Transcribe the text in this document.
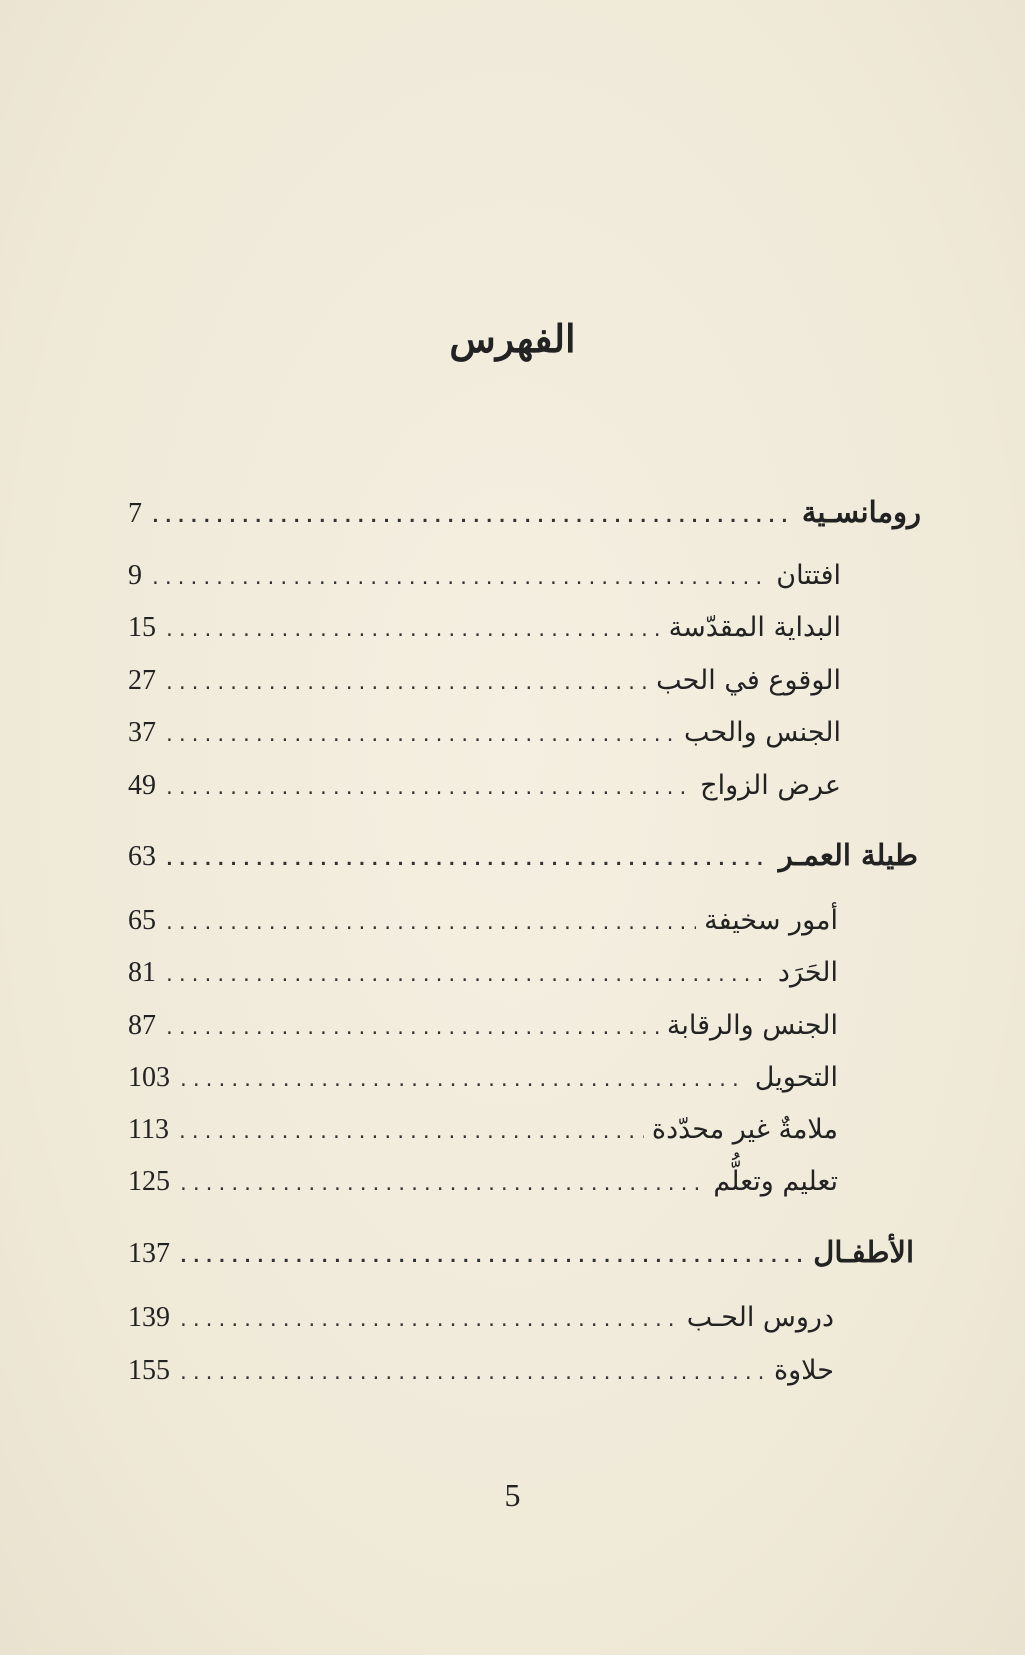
الفهرس
رومانسـية
.....
7
افتتان
.....
9
البداية المقدّسة
.....
15
الوقوع في الحب
.....
27
الجنس والحب
.....
37
عرض الزواج
.....
49
طيلة العمـر
.....
63
أمور سخيفة
.....
65
الحَرَد
.....
81
الجنس والرقابة
.....
87
التحويل
.....
103
ملامةٌ غير محدّدة
.....
113
تعليم وتعلُّم
.....
125
الأطفـال
.....
137
دروس الحـب
.....
139
حلاوة
.....
155
5
